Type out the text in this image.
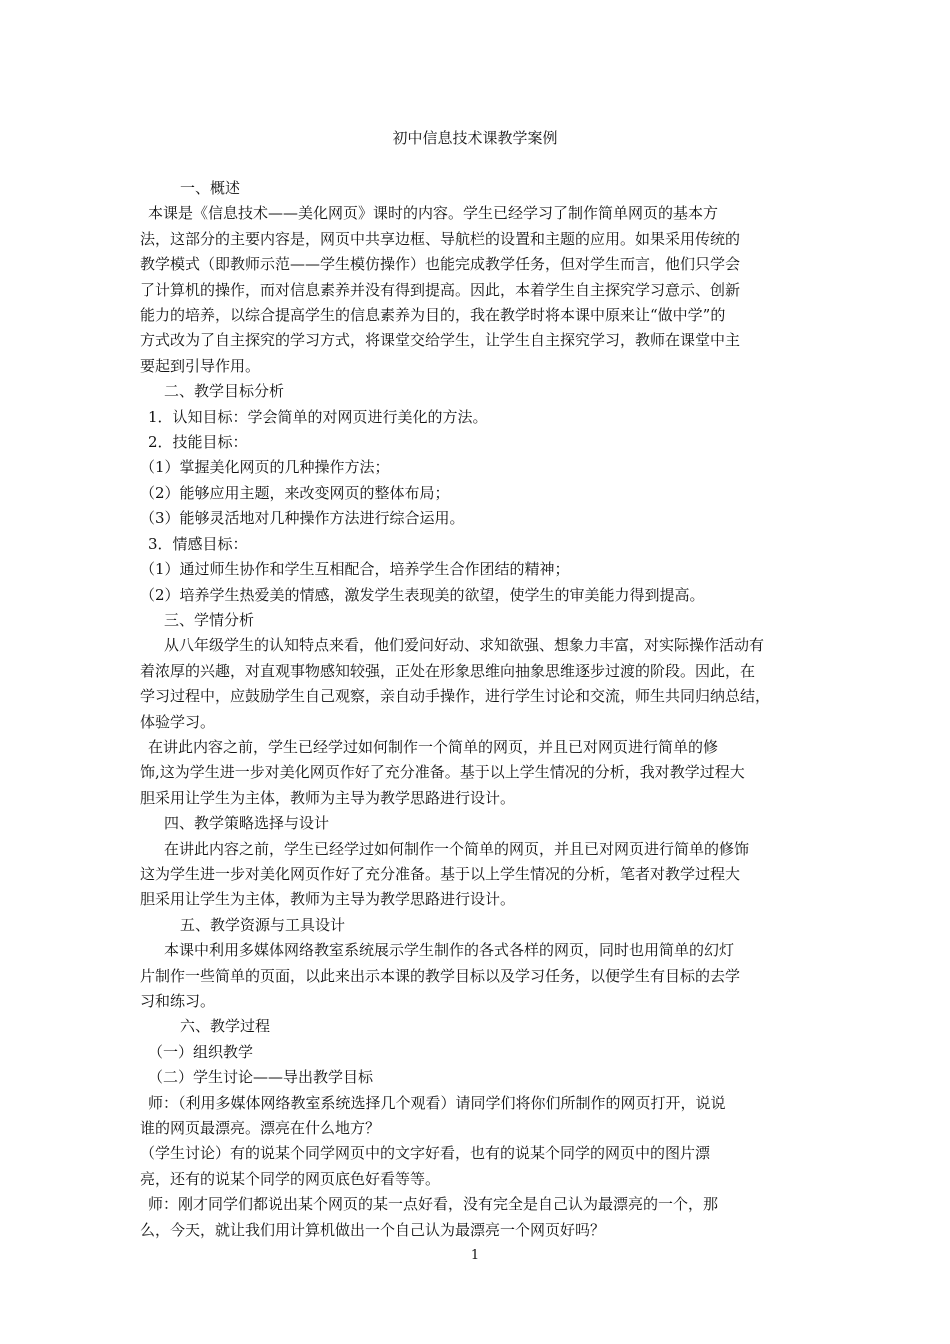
初中信息技术课教学案例

一、概述

本课是《信息技术——美化网页》课时的内容。学生已经学习了制作简单网页的基本方

法，这部分的主要内容是，网页中共享边框、导航栏的设置和主题的应用。如果采用传统的

教学模式（即教师示范——学生模仿操作）也能完成教学任务，但对学生而言，他们只学会

了计算机的操作，而对信息素养并没有得到提高。因此，本着学生自主探究学习意示、创新

能力的培养，以综合提高学生的信息素养为目的，我在教学时将本课中原来让“做中学”的

方式改为了自主探究的学习方式，将课堂交给学生，让学生自主探究学习，教师在课堂中主

要起到引导作用。

二、教学目标分析

1．认知目标：学会简单的对网页进行美化的方法。

2．技能目标：

（1）掌握美化网页的几种操作方法；

（2）能够应用主题，来改变网页的整体布局；

（3）能够灵活地对几种操作方法进行综合运用。

3．情感目标：

（1）通过师生协作和学生互相配合，培养学生合作团结的精神；

（2）培养学生热爱美的情感，激发学生表现美的欲望，使学生的审美能力得到提高。

三、学情分析

从八年级学生的认知特点来看，他们爱问好动、求知欲强、想象力丰富，对实际操作活动有

着浓厚的兴趣，对直观事物感知较强，正处在形象思维向抽象思维逐步过渡的阶段。因此，在

学习过程中，应鼓励学生自己观察，亲自动手操作，进行学生讨论和交流，师生共同归纳总结，

体验学习。

在讲此内容之前，学生已经学过如何制作一个简单的网页，并且已对网页进行简单的修

饰,这为学生进一步对美化网页作好了充分准备。基于以上学生情况的分析，我对教学过程大

胆采用让学生为主体，教师为主导为教学思路进行设计。

四、教学策略选择与设计

在讲此内容之前，学生已经学过如何制作一个简单的网页，并且已对网页进行简单的修饰

这为学生进一步对美化网页作好了充分准备。基于以上学生情况的分析，笔者对教学过程大

胆采用让学生为主体，教师为主导为教学思路进行设计。

五、教学资源与工具设计

本课中利用多媒体网络教室系统展示学生制作的各式各样的网页，同时也用简单的幻灯

片制作一些简单的页面，以此来出示本课的教学目标以及学习任务，以便学生有目标的去学

习和练习。

六、教学过程

（一）组织教学

（二）学生讨论——导出教学目标

师：（利用多媒体网络教室系统选择几个观看）请同学们将你们所制作的网页打开，说说

谁的网页最漂亮。漂亮在什么地方？

（学生讨论）有的说某个同学网页中的文字好看，也有的说某个同学的网页中的图片漂

亮，还有的说某个同学的网页底色好看等等。

师：刚才同学们都说出某个网页的某一点好看，没有完全是自己认为最漂亮的一个，那

么，今天，就让我们用计算机做出一个自己认为最漂亮一个网页好吗？

1
